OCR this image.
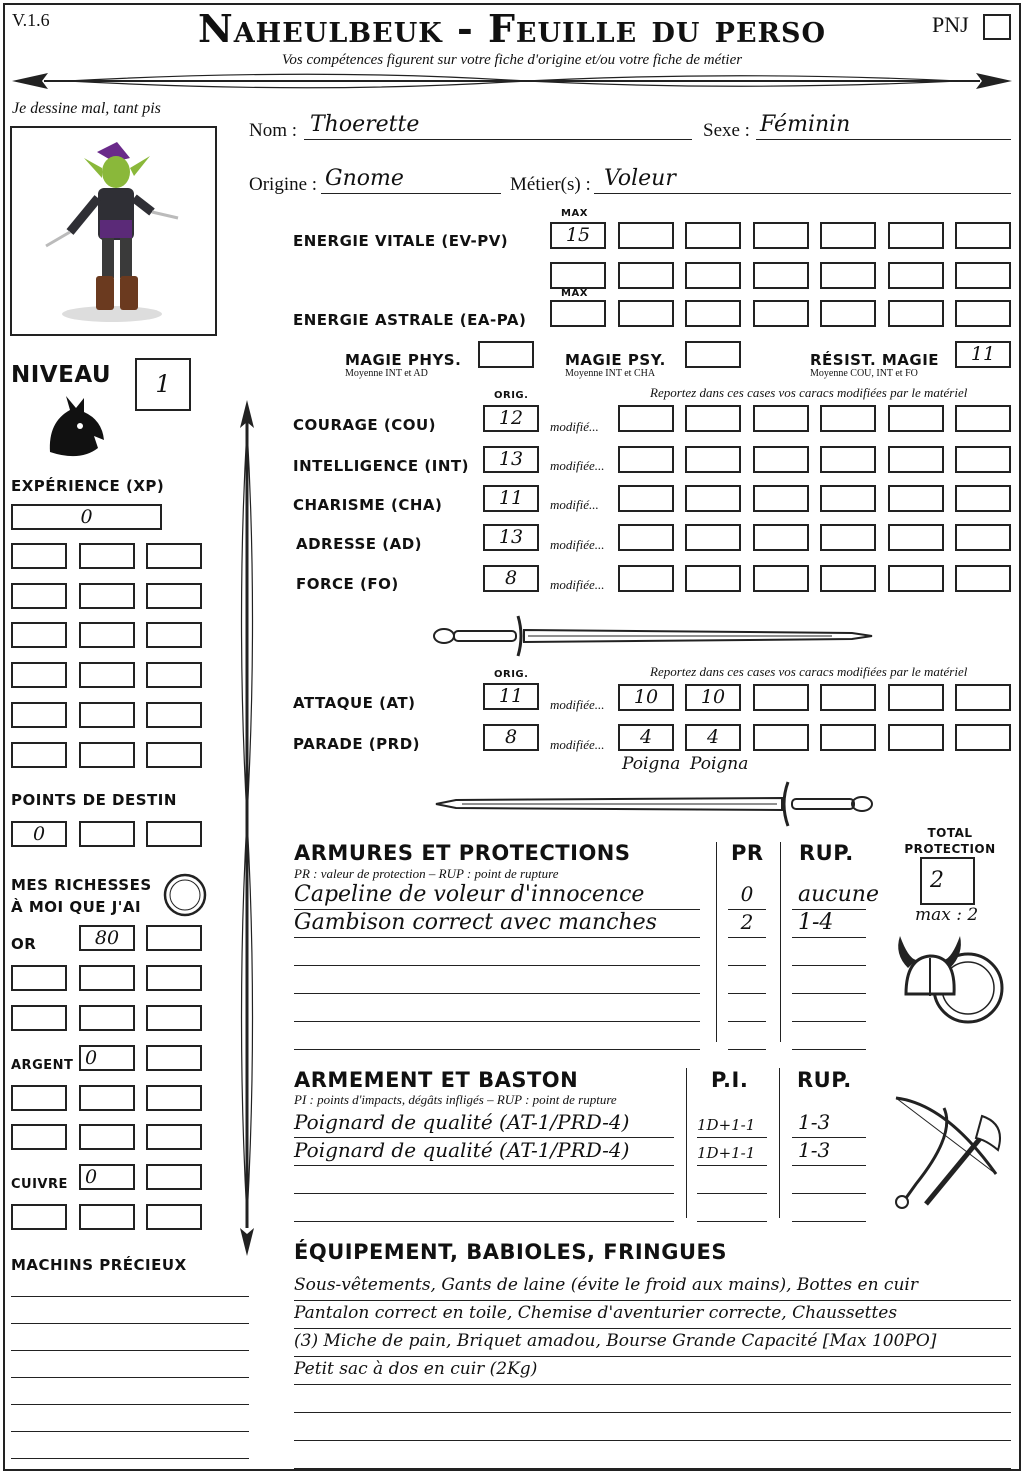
V.1.6	Naheulbeuk - Feuille du perso
Vos compétences figurent sur votre fiche d'origine et/ou votre fiche de métier
PNJ
Je dessine mal, tant pis
Nom : Thoerette	Sexe : Féminin
Origine : Gnome	Métier(s) : Voleur
MAX
ENERGIE VITALE (EV-PV)	15
MAX
ENERGIE ASTRALE (EA-PA)
MAGIE PHYS.
Moyenne INT et AD
MAGIE PSY.
Moyenne INT et CHA
RÉSIST. MAGIE
Moyenne COU, INT et FO
11
ORIG.	Reportez dans ces cases vos caracs modifiées par le matériel
COURAGE (COU)	12	modifié...
INTELLIGENCE (INT)	13	modifiée...
CHARISME (CHA)	11	modifié...
ADRESSE (AD)	13	modifiée...
FORCE (FO)	8	modifiée...
ORIG.	Reportez dans ces cases vos caracs modifiées par le matériel
ATTAQUE (AT)	11	modifiée...	10	10
PARADE (PRD)	8	modifiée...	4	4
Poigna Poigna
NIVEAU	1
EXPÉRIENCE (XP)
0
POINTS DE DESTIN
0
MES RICHESSES
À MOI QUE J'AI
OR	80
ARGENT 0
CUIVRE 0
MACHINS PRÉCIEUX
ARMURES ET PROTECTIONS
PR : valeur de protection – RUP : point de rupture
PR RUP.
TOTAL
PROTECTION
2
max : 2
Capeline de voleur d'innocence	0	aucune
Gambison correct avec manches	2	1-4
ARMEMENT ET BASTON
PI : points d'impacts, dégâts infligés – RUP : point de rupture
P.I. RUP.
Poignard de qualité (AT-1/PRD-4)	1D+1-1	1-3
Poignard de qualité (AT-1/PRD-4)	1D+1-1	1-3
ÉQUIPEMENT, BABIOLES, FRINGUES
Sous-vêtements, Gants de laine (évite le froid aux mains), Bottes en cuir
Pantalon correct en toile, Chemise d'aventurier correcte, Chaussettes
(3) Miche de pain, Briquet amadou, Bourse Grande Capacité [Max 100PO]
Petit sac à dos en cuir (2Kg)
